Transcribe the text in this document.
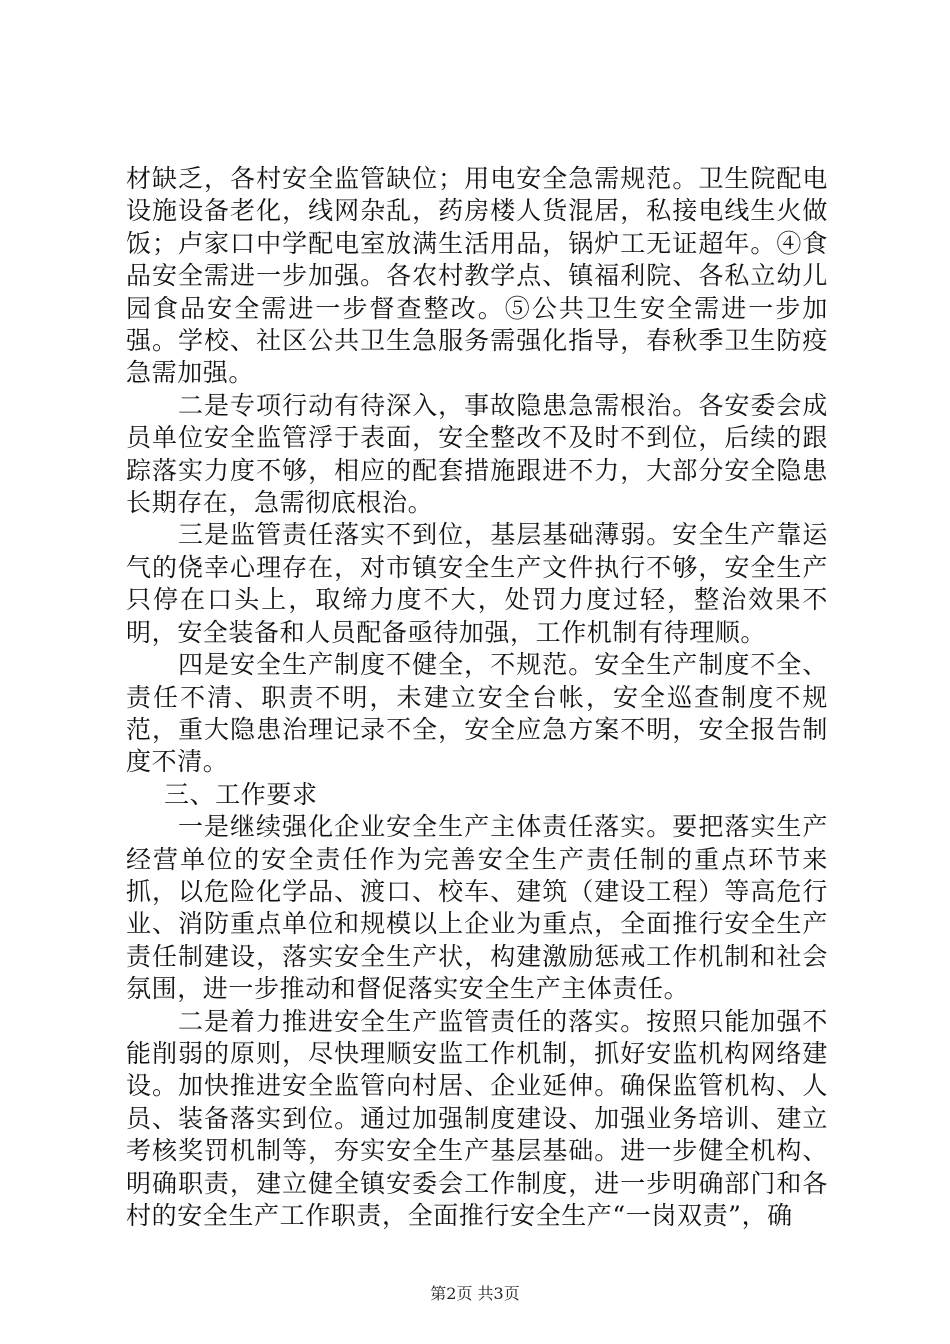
材缺乏，各村安全监管缺位；用电安全急需规范。卫生院配电设施设备老化，线网杂乱，药房楼人货混居，私接电线生火做饭；卢家口中学配电室放满生活用品，锅炉工无证超年。④食品安全需进一步加强。各农村教学点、镇福利院、各私立幼儿园食品安全需进一步督查整改。⑤公共卫生安全需进一步加强。学校、社区公共卫生急服务需强化指导，春秋季卫生防疫急需加强。

二是专项行动有待深入，事故隐患急需根治。各安委会成员单位安全监管浮于表面，安全整改不及时不到位，后续的跟踪落实力度不够，相应的配套措施跟进不力，大部分安全隐患长期存在，急需彻底根治。

三是监管责任落实不到位，基层基础薄弱。安全生产靠运气的侥幸心理存在，对市镇安全生产文件执行不够，安全生产只停在口头上，取缔力度不大，处罚力度过轻，整治效果不明，安全装备和人员配备亟待加强，工作机制有待理顺。

四是安全生产制度不健全，不规范。安全生产制度不全、责任不清、职责不明，未建立安全台帐，安全巡查制度不规范，重大隐患治理记录不全，安全应急方案不明，安全报告制度不清。

三、工作要求

一是继续强化企业安全生产主体责任落实。要把落实生产经营单位的安全责任作为完善安全生产责任制的重点环节来抓，以危险化学品、渡口、校车、建筑（建设工程）等高危行业、消防重点单位和规模以上企业为重点，全面推行安全生产责任制建设，落实安全生产状，构建激励惩戒工作机制和社会氛围，进一步推动和督促落实安全生产主体责任。

二是着力推进安全生产监管责任的落实。按照只能加强不能削弱的原则，尽快理顺安监工作机制，抓好安监机构网络建设。加快推进安全监管向村居、企业延伸。确保监管机构、人员、装备落实到位。通过加强制度建设、加强业务培训、建立考核奖罚机制等，夯实安全生产基层基础。进一步健全机构、明确职责，建立健全镇安委会工作制度，进一步明确部门和各村的安全生产工作职责，全面推行安全生产“一岗双责”，确

第2页 共3页
